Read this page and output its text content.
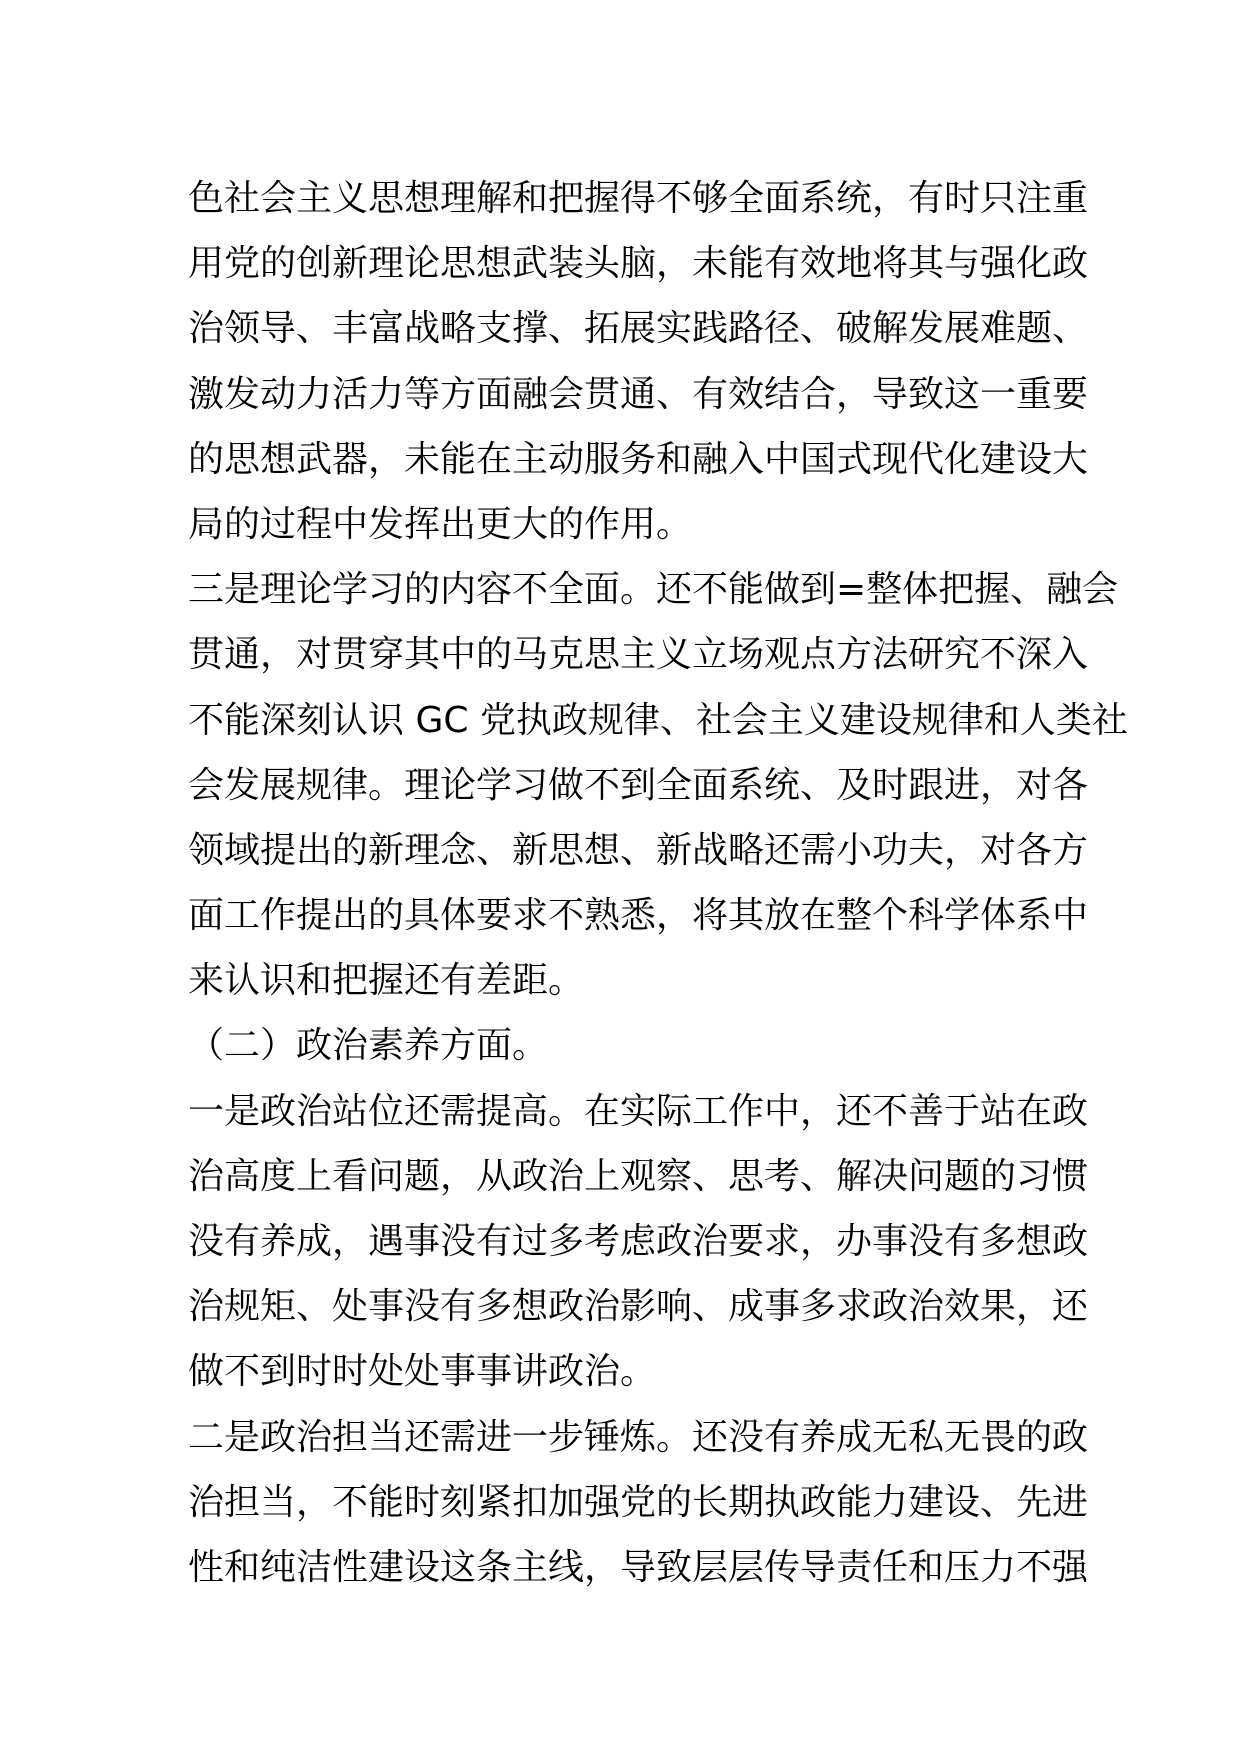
色社会主义思想理解和把握得不够全面系统，有时只注重
用党的创新理论思想武装头脑，未能有效地将其与强化政
治领导、丰富战略支撑、拓展实践路径、破解发展难题、
激发动力活力等方面融会贯通、有效结合，导致这一重要
的思想武器，未能在主动服务和融入中国式现代化建设大
局的过程中发挥出更大的作用。
三是理论学习的内容不全面。还不能做到=整体把握、融会
贯通，对贯穿其中的马克思主义立场观点方法研究不深入
不能深刻认识 GC 党执政规律、社会主义建设规律和人类社
会发展规律。理论学习做不到全面系统、及时跟进，对各
领域提出的新理念、新思想、新战略还需小功夫，对各方
面工作提出的具体要求不熟悉，将其放在整个科学体系中
来认识和把握还有差距。
（二）政治素养方面。
一是政治站位还需提高。在实际工作中，还不善于站在政
治高度上看问题，从政治上观察、思考、解决问题的习惯
没有养成，遇事没有过多考虑政治要求，办事没有多想政
治规矩、处事没有多想政治影响、成事多求政治效果，还
做不到时时处处事事讲政治。
二是政治担当还需进一步锤炼。还没有养成无私无畏的政
治担当，不能时刻紧扣加强党的长期执政能力建设、先进
性和纯洁性建设这条主线，导致层层传导责任和压力不强
